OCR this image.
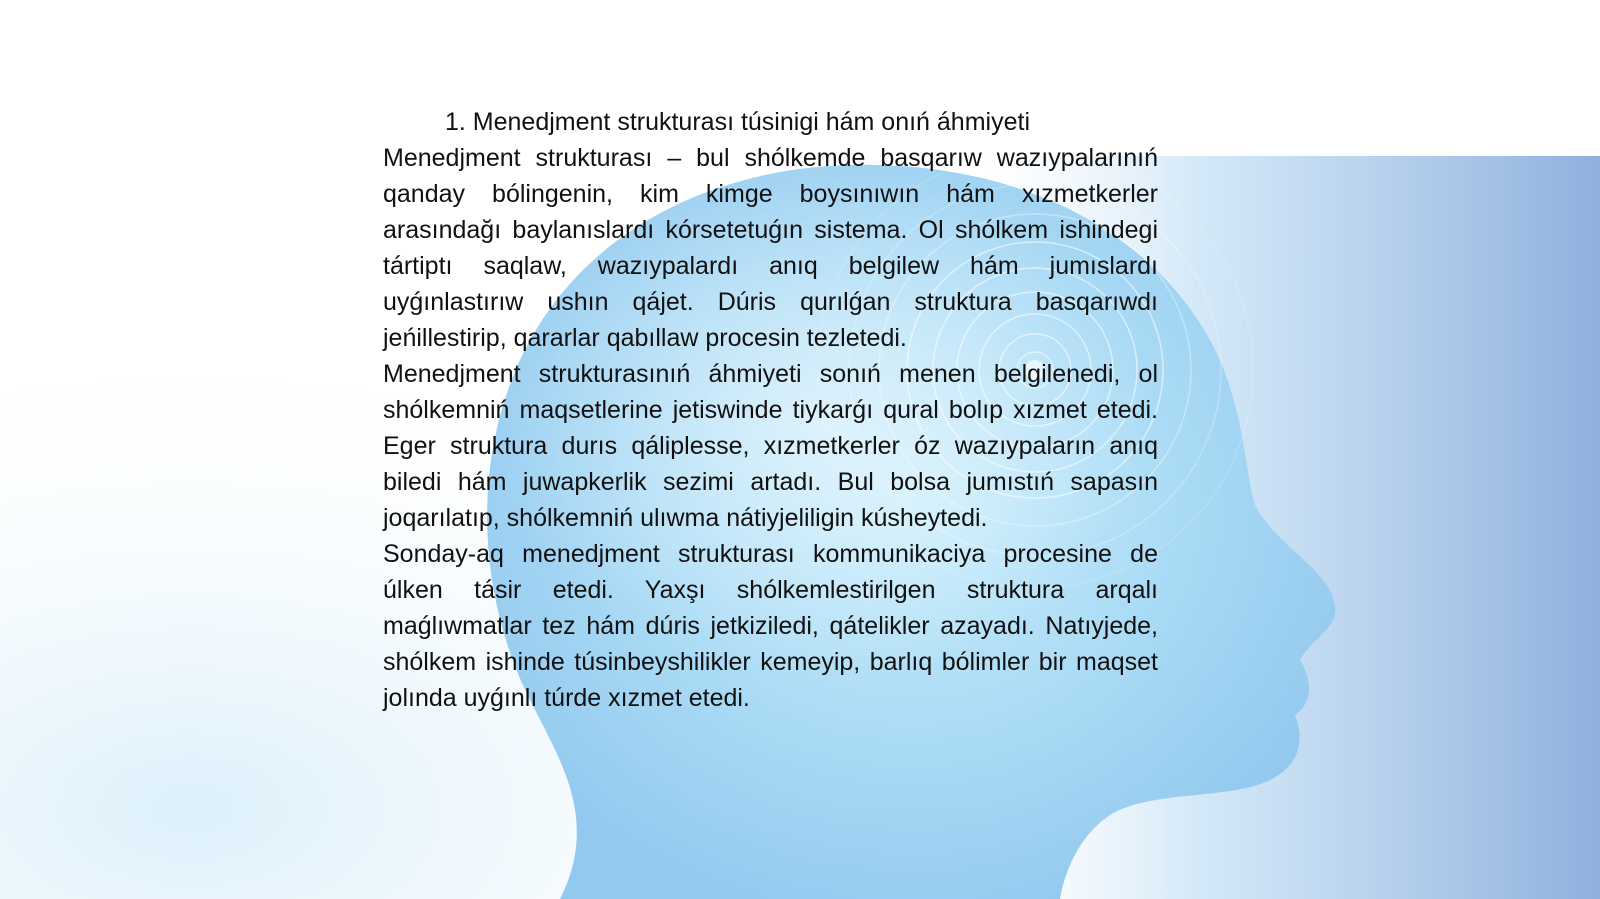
1. Menedjment strukturası túsinigi hám onıń áhmiyeti

Menedjment strukturası – bul shólkemde basqarıw wazıypalarınıń qanday bólingenin, kim kimge boysınıwın hám xızmetkerler arasındağı baylanıslardı kórsetetuǵın sistema. Ol shólkem ishindegi tártiptı saqlaw, wazıypalardı anıq belgilew hám jumıslardı uyǵınlastırıw ushın qájet. Dúris qurılǵan struktura basqarıwdı jeńillestirip, qararlar qabıllaw procesin tezletedi.

Menedjment strukturasınıń áhmiyeti sonıń menen belgilenedi, ol shólkemniń maqsetlerine jetiswinde tiykarǵı qural bolıp xızmet etedi. Eger struktura durıs qáliplesse, xızmetkerler óz wazıypaların anıq biledi hám juwapkerlik sezimi artadı. Bul bolsa jumıstıń sapasın joqarılatıp, shólkemniń ulıwma nátiyjeliligin kúsheytedi.

Sonday-aq menedjment strukturası kommunikaciya procesine de úlken tásir etedi. Yaxşı shólkemlestirilgen struktura arqalı maǵlıwmatlar tez hám dúris jetkiziledi, qátelikler azayadı. Natıyjede, shólkem ishinde túsinbeyshilikler kemeyip, barlıq bólimler bir maqset jolında uyǵınlı túrde xızmet etedi.
